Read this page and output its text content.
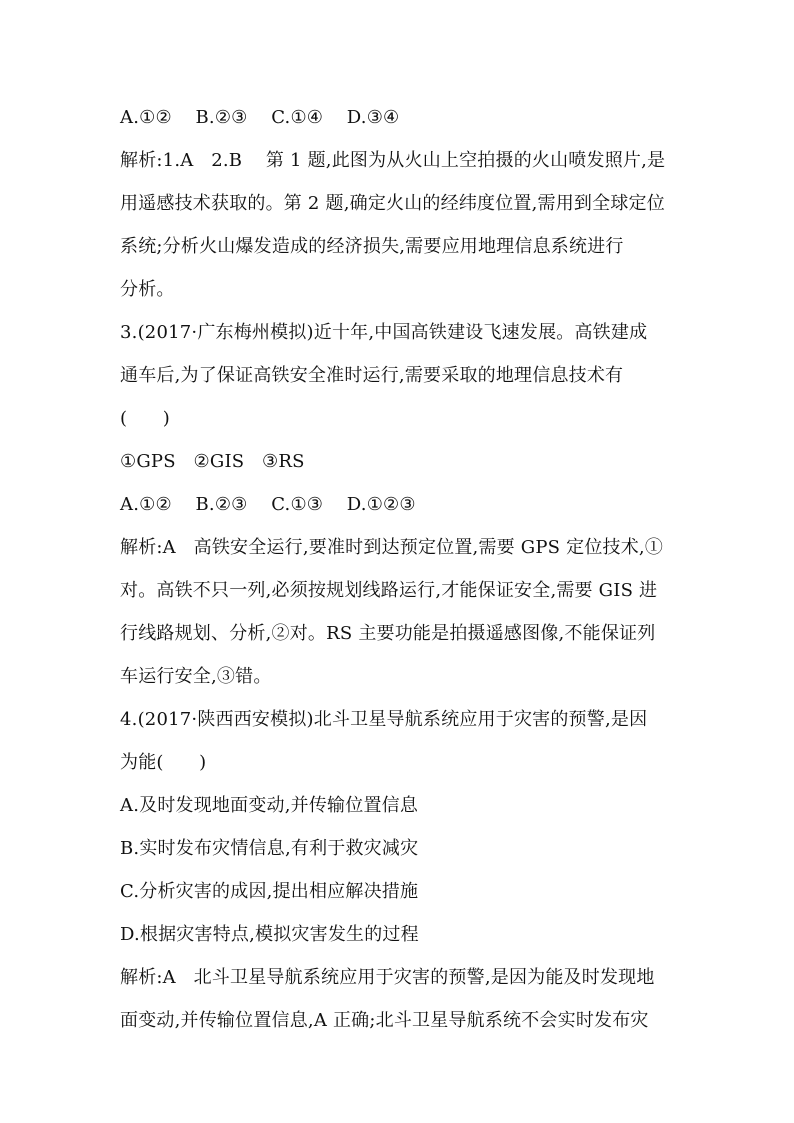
A.①②    B.②③    C.①④    D.③④
解析:1.A   2.B    第 1 题,此图为从火山上空拍摄的火山喷发照片,是
用遥感技术获取的。第 2 题,确定火山的经纬度位置,需用到全球定位
系统;分析火山爆发造成的经济损失,需要应用地理信息系统进行
分析。
3.(2017·广东梅州模拟)近十年,中国高铁建设飞速发展。高铁建成
通车后,为了保证高铁安全准时运行,需要采取的地理信息技术有
(      )
①GPS   ②GIS   ③RS
A.①②    B.②③    C.①③    D.①②③
解析:A   高铁安全运行,要准时到达预定位置,需要 GPS 定位技术,①
对。高铁不只一列,必须按规划线路运行,才能保证安全,需要 GIS 进
行线路规划、分析,②对。RS 主要功能是拍摄遥感图像,不能保证列
车运行安全,③错。
4.(2017·陕西西安模拟)北斗卫星导航系统应用于灾害的预警,是因
为能(      )
A.及时发现地面变动,并传输位置信息
B.实时发布灾情信息,有利于救灾减灾
C.分析灾害的成因,提出相应解决措施
D.根据灾害特点,模拟灾害发生的过程
解析:A   北斗卫星导航系统应用于灾害的预警,是因为能及时发现地
面变动,并传输位置信息,A 正确;北斗卫星导航系统不会实时发布灾
